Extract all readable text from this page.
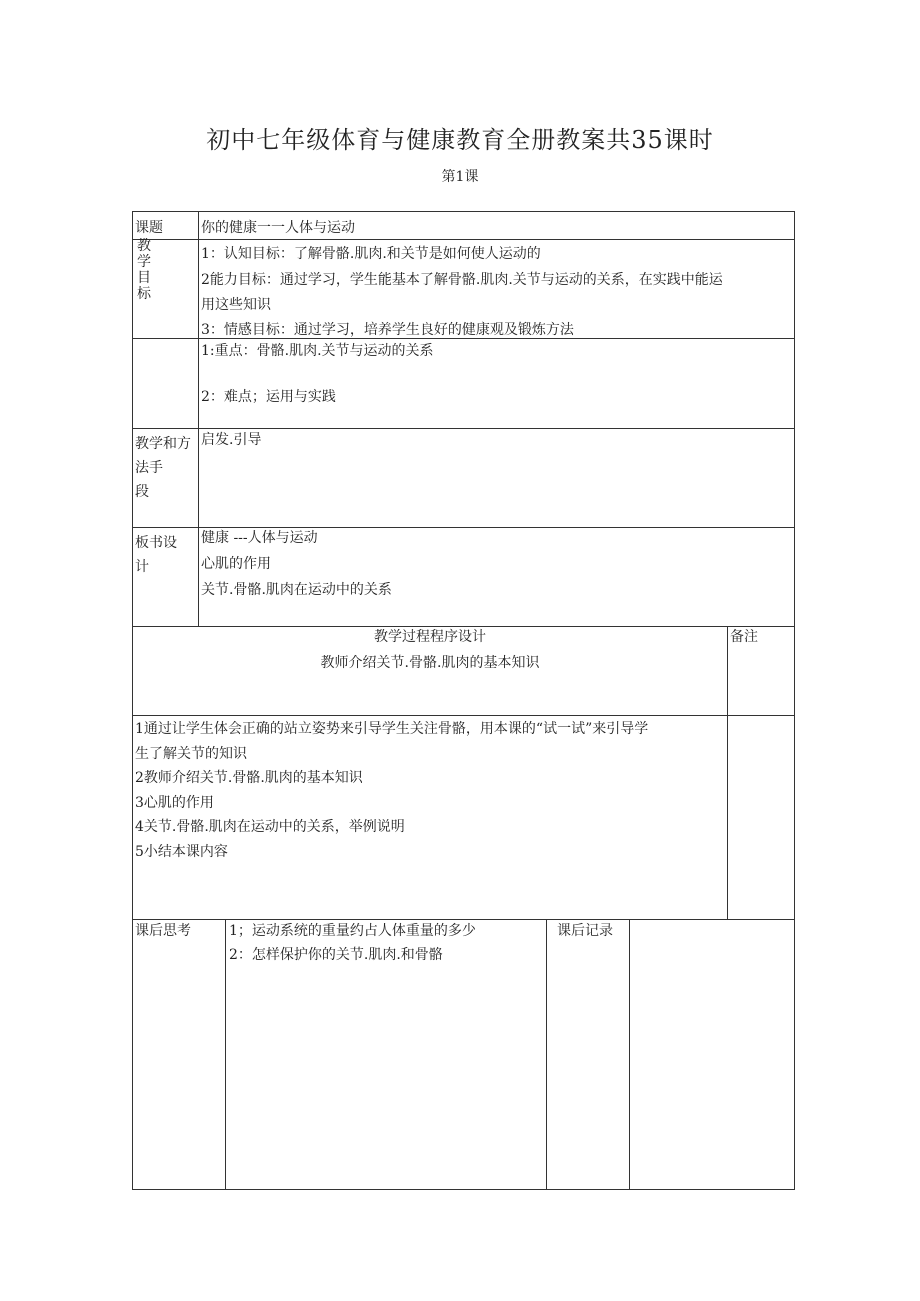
初中七年级体育与健康教育全册教案共35课时
第1课
课题	你的健康一一人体与运动
教
学
目
标
1：认知目标：了解骨骼.肌肉.和关节是如何使人运动的
2能力目标：通过学习，学生能基本了解骨骼.肌肉.关节与运动的关系，在实践中能运
用这些知识
3：情感目标：通过学习，培养学生良好的健康观及锻炼方法
1:重点：骨骼.肌肉.关节与运动的关系
2：难点；运用与实践
教学和方
法手
段
启发.引导
板书设
计
健康 ---人体与运动
心肌的作用
关节.骨骼.肌肉在运动中的关系
教学过程程序设计
教师介绍关节.骨骼.肌肉的基本知识
备注
1通过让学生体会正确的站立姿势来引导学生关注骨骼，用本课的“试一试”来引导学
生了解关节的知识
2教师介绍关节.骨骼.肌肉的基本知识
3心肌的作用
4关节.骨骼.肌肉在运动中的关系，举例说明
5小结本课内容
课后思考	1；运动系统的重量约占人体重量的多少
2：怎样保护你的关节.肌肉.和骨骼
课后记录
